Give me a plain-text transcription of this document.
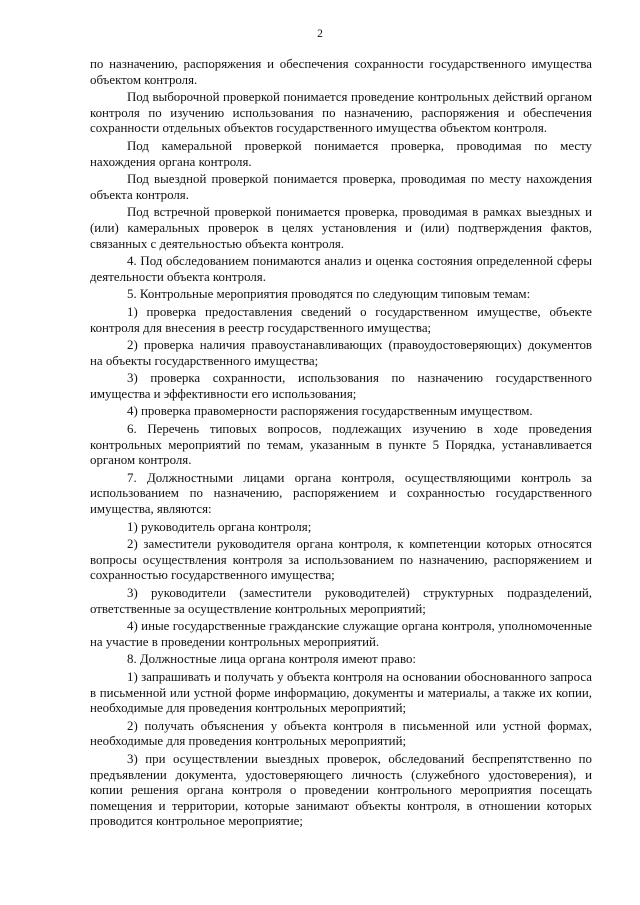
2

по назначению, распоряжения и обеспечения сохранности государственного имущества объектом контроля.

Под выборочной проверкой понимается проведение контрольных действий органом контроля по изучению использования по назначению, распоряжения и обеспечения сохранности отдельных объектов государственного имущества объектом контроля.

Под камеральной проверкой понимается проверка, проводимая по месту нахождения органа контроля.

Под выездной проверкой понимается проверка, проводимая по месту нахождения объекта контроля.

Под встречной проверкой понимается проверка, проводимая в рамках выездных и (или) камеральных проверок в целях установления и (или) подтверждения фактов, связанных с деятельностью объекта контроля.

4. Под обследованием понимаются анализ и оценка состояния определенной сферы деятельности объекта контроля.

5. Контрольные мероприятия проводятся по следующим типовым темам:

1) проверка предоставления сведений о государственном имуществе, объекте контроля для внесения в реестр государственного имущества;

2) проверка наличия правоустанавливающих (правоудостоверяющих) документов на объекты государственного имущества;

3) проверка сохранности, использования по назначению государственного имущества и эффективности его использования;

4) проверка правомерности распоряжения государственным имуществом.

6. Перечень типовых вопросов, подлежащих изучению в ходе проведения контрольных мероприятий по темам, указанным в пункте 5 Порядка, устанавливается органом контроля.

7. Должностными лицами органа контроля, осуществляющими контроль за использованием по назначению, распоряжением и сохранностью государственного имущества, являются:

1) руководитель органа контроля;

2) заместители руководителя органа контроля, к компетенции которых относятся вопросы осуществления контроля за использованием по назначению, распоряжением и сохранностью государственного имущества;

3) руководители (заместители руководителей) структурных подразделений, ответственные за осуществление контрольных мероприятий;

4) иные государственные гражданские служащие органа контроля, уполномоченные на участие в проведении контрольных мероприятий.

8. Должностные лица органа контроля имеют право:

1) запрашивать и получать у объекта контроля на основании обоснованного запроса в письменной или устной форме информацию, документы и материалы, а также их копии, необходимые для проведения контрольных мероприятий;

2) получать объяснения у объекта контроля в письменной или устной формах, необходимые для проведения контрольных мероприятий;

3) при осуществлении выездных проверок, обследований беспрепятственно по предъявлении документа, удостоверяющего личность (служебного удостоверения), и копии решения органа контроля о проведении контрольного мероприятия посещать помещения и территории, которые занимают объекты контроля, в отношении которых проводится контрольное мероприятие;
